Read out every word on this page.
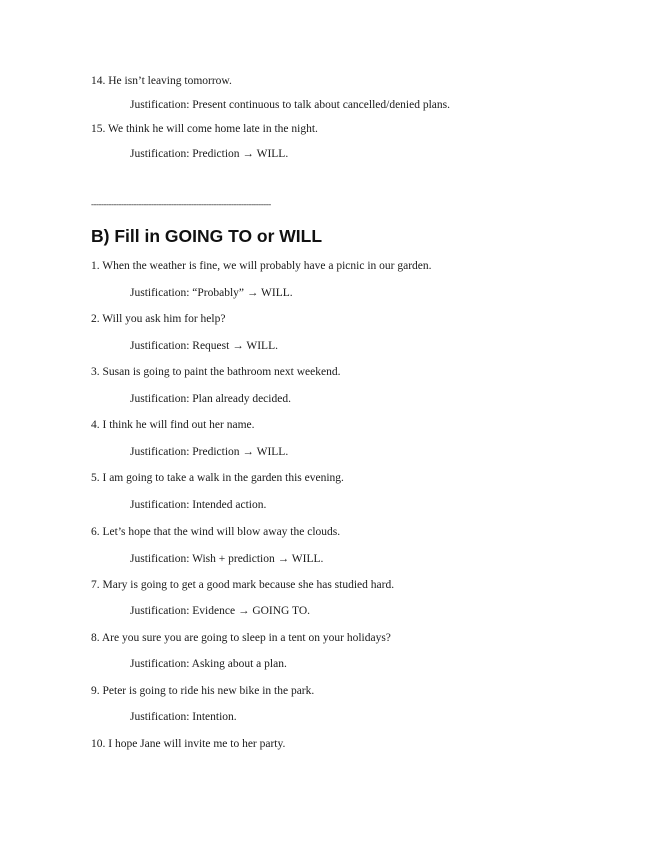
14. He isn’t leaving tomorrow.
Justification: Present continuous to talk about cancelled/denied plans.
15. We think he will come home late in the night.
Justification: Prediction → WILL.
------------------------------------------------------------------------
B) Fill in GOING TO or WILL
1. When the weather is fine, we will probably have a picnic in our garden.
Justification: “Probably” → WILL.
2. Will you ask him for help?
Justification: Request → WILL.
3. Susan is going to paint the bathroom next weekend.
Justification: Plan already decided.
4. I think he will find out her name.
Justification: Prediction → WILL.
5. I am going to take a walk in the garden this evening.
Justification: Intended action.
6. Let’s hope that the wind will blow away the clouds.
Justification: Wish + prediction → WILL.
7. Mary is going to get a good mark because she has studied hard.
Justification: Evidence → GOING TO.
8. Are you sure you are going to sleep in a tent on your holidays?
Justification: Asking about a plan.
9. Peter is going to ride his new bike in the park.
Justification: Intention.
10. I hope Jane will invite me to her party.
